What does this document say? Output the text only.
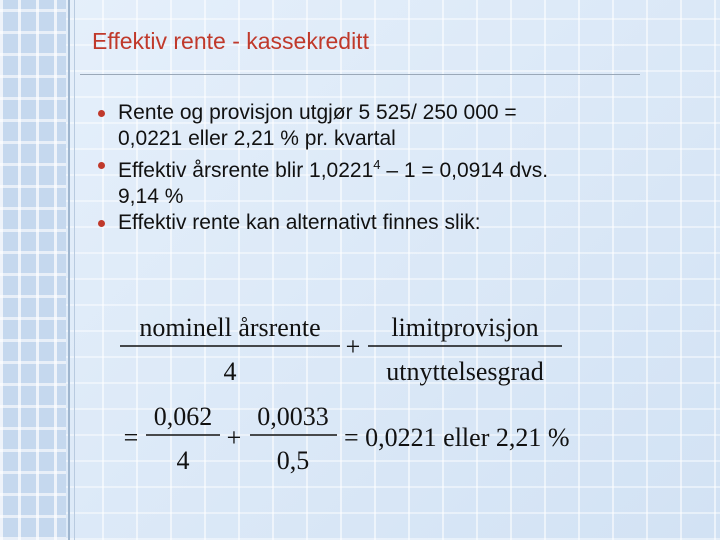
Effektiv rente - kassekreditt
Rente og provisjon utgjør 5 525/ 250 000 =
0,0221 eller 2,21 % pr. kvartal
Effektiv årsrente blir 1,0221$^4$ – 1 = 0,0914 dvs.
9,14 %
Effektiv rente kan alternativt finnes slik:
nominell årsrente
4
+
limitprovisjon
utnyttelsesgrad
=
0,062
4
+
0,0033
0,5
= 0,0221 eller 2,21 %
